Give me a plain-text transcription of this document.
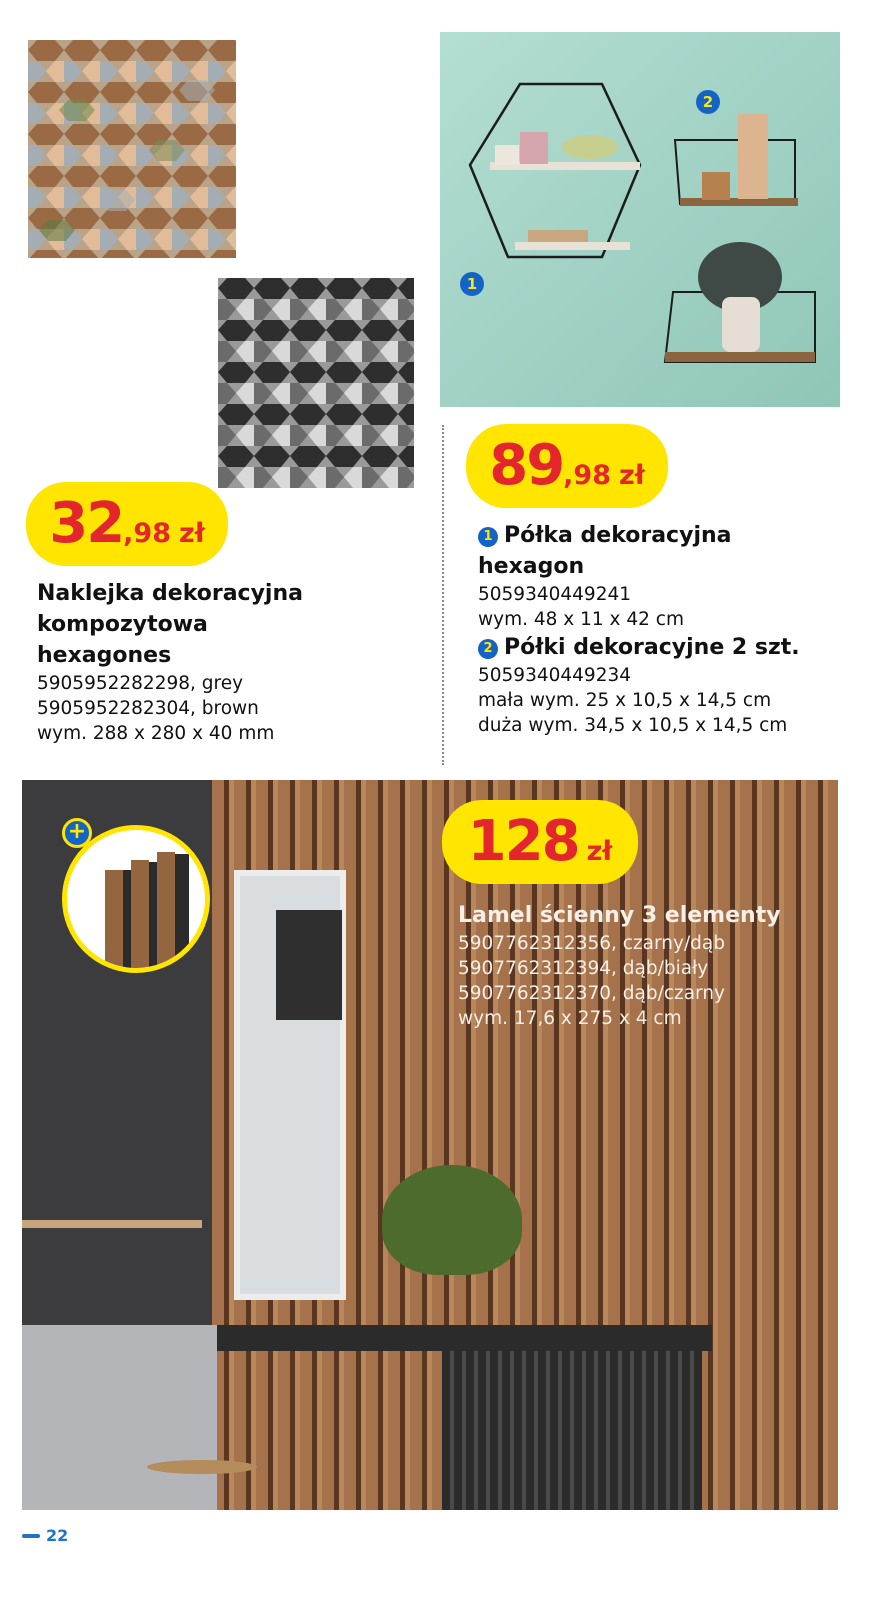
32 ,98 zł
Naklejka dekoracyjna
kompozytowa
hexagones
5905952282298, grey
5905952282304, brown
wym. 288 x 280 x 40 mm
1
2
89 ,98 zł
1 Półka dekoracyjna
hexagon
5059340449241
wym. 48 x 11 x 42 cm
2 Półki dekoracyjne 2 szt.
5059340449234
mała wym. 25 x 10,5 x 14,5 cm
duża wym. 34,5 x 10,5 x 14,5 cm
+	128 zł
Lamel ścienny 3 elementy
5907762312356, czarny/dąb
5907762312394, dąb/biały
5907762312370, dąb/czarny
wym. 17,6 x 275 x 4 cm
22
